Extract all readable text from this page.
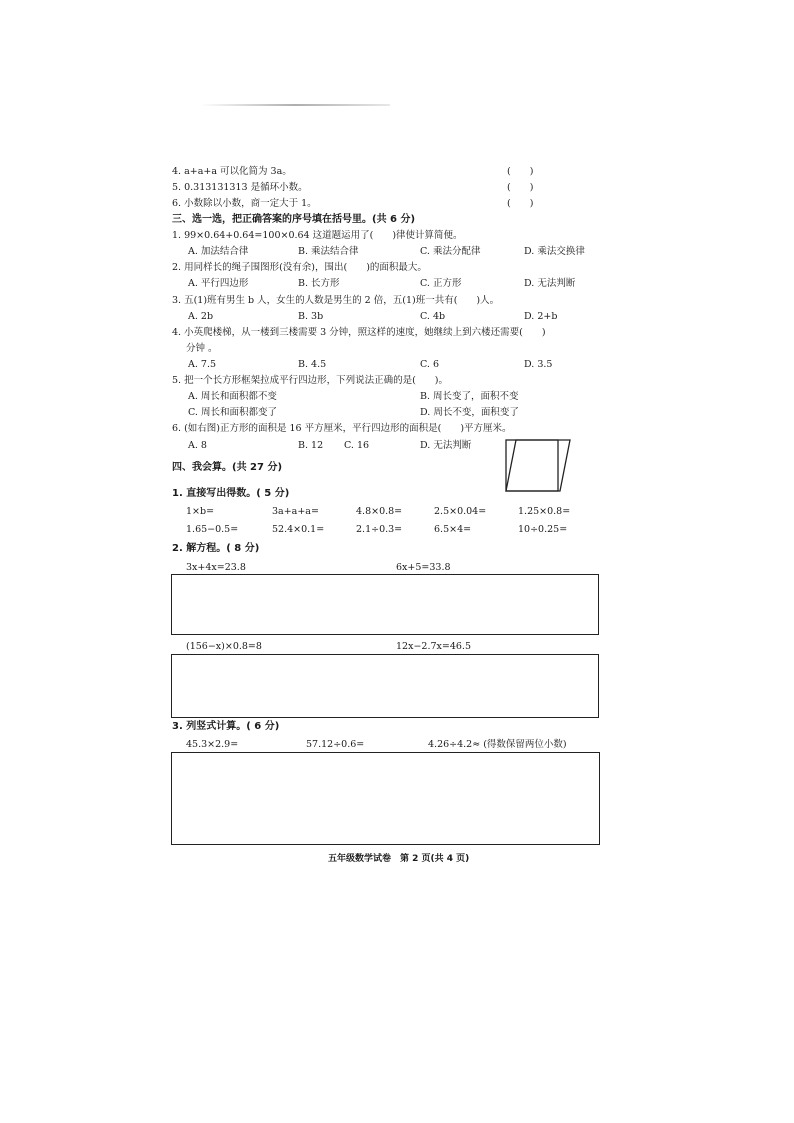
4. a+a+a 可以化简为 3a。	(　　)
5. 0.313131313 是循环小数。	(　　)
6. 小数除以小数，商一定大于 1。	(　　)
三、选一选，把正确答案的序号填在括号里。(共 6 分)
1. 99×0.64+0.64=100×0.64 这道题运用了(　　)律使计算简便。
A. 加法结合律	B. 乘法结合律	C. 乘法分配律	D. 乘法交换律
2. 用同样长的绳子围图形(没有余)，围出(　　)的面积最大。
A. 平行四边形	B. 长方形	C. 正方形	D. 无法判断
3. 五(1)班有男生 b 人，女生的人数是男生的 2 倍，五(1)班一共有(　　)人。
A. 2b	B. 3b	C. 4b	D. 2+b
4. 小英爬楼梯，从一楼到三楼需要 3 分钟，照这样的速度，她继续上到六楼还需要(　　)
分钟 。
A. 7.5	B. 4.5	C. 6	D. 3.5
5. 把一个长方形框架拉成平行四边形，下列说法正确的是(　　)。
A. 周长和面积都不变	B. 周长变了，面积不变
C. 周长和面积都变了	D. 周长不变，面积变了
6. (如右图)正方形的面积是 16 平方厘米，平行四边形的面积是(　　)平方厘米。
A. 8	B. 12 C. 16	D. 无法判断
四、我会算。(共 27 分)
1. 直接写出得数。( 5 分)
1×b=	3a+a+a=	4.8×0.8=	2.5×0.04=	1.25×0.8=
1.65−0.5=	52.4×0.1=	2.1÷0.3=	6.5×4=	10÷0.25=
2. 解方程。( 8 分)
3x+4x=23.8	6x+5=33.8
(156−x)×0.8=8	12x−2.7x=46.5
3. 列竖式计算。( 6 分)
45.3×2.9=	57.12÷0.6=	4.26÷4.2≈ (得数保留两位小数)
五年级数学试卷　第 2 页(共 4 页)
